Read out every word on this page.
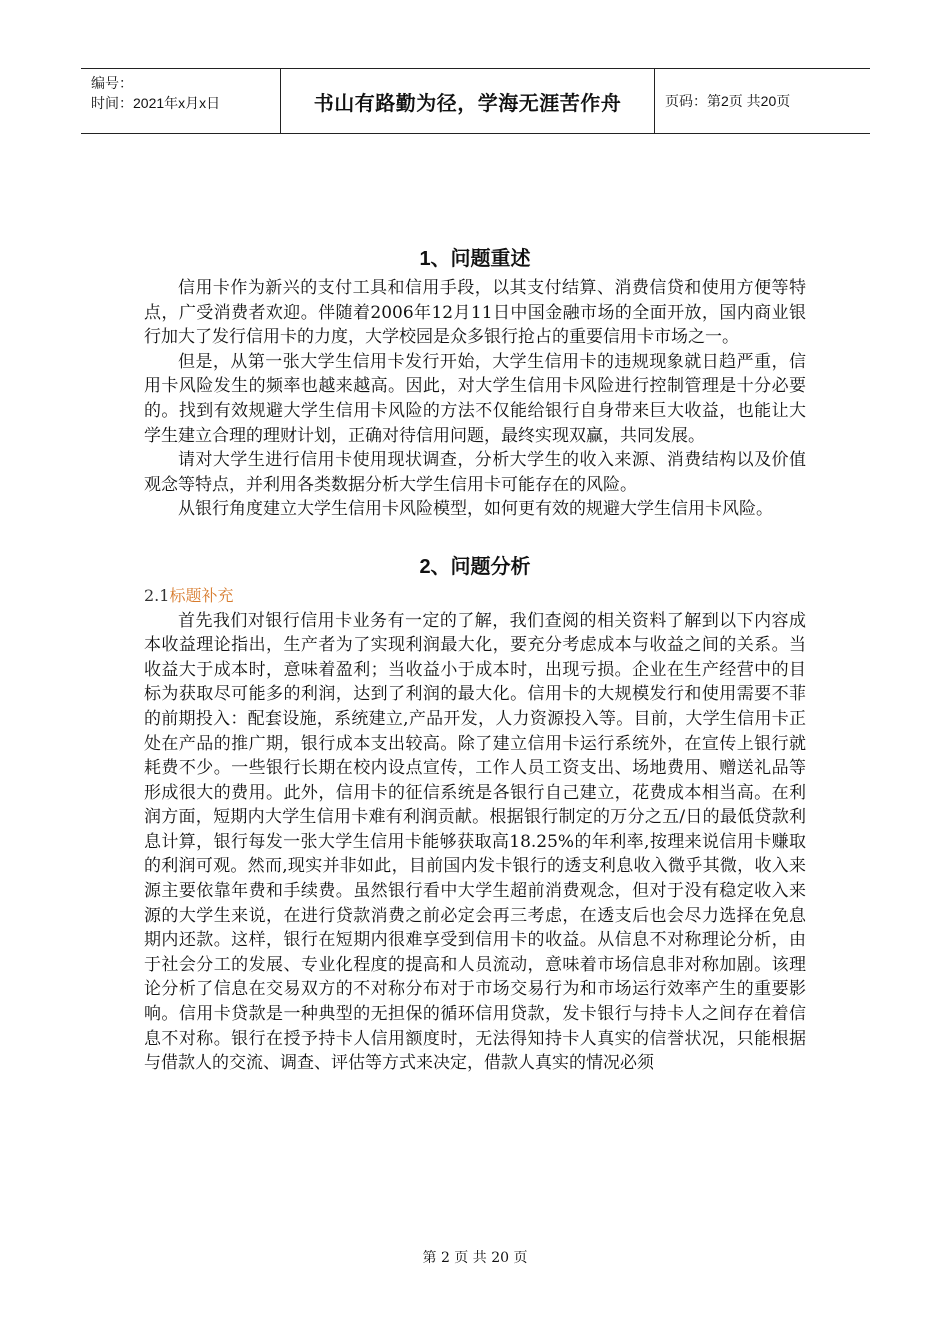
编号：
时间：2021年x月x日	书山有路勤为径，学海无涯苦作舟	页码：第2页 共20页
1、问题重述

信用卡作为新兴的支付工具和信用手段，以其支付结算、消费信贷和使用方便等特点，广受消费者欢迎。伴随着2006年12月11日中国金融市场的全面开放，国内商业银行加大了发行信用卡的力度，大学校园是众多银行抢占的重要信用卡市场之一。

但是，从第一张大学生信用卡发行开始，大学生信用卡的违规现象就日趋严重，信用卡风险发生的频率也越来越高。因此，对大学生信用卡风险进行控制管理是十分必要的。找到有效规避大学生信用卡风险的方法不仅能给银行自身带来巨大收益，也能让大学生建立合理的理财计划，正确对待信用问题，最终实现双赢，共同发展。

请对大学生进行信用卡使用现状调查，分析大学生的收入来源、消费结构以及价值观念等特点，并利用各类数据分析大学生信用卡可能存在的风险。

从银行角度建立大学生信用卡风险模型，如何更有效的规避大学生信用卡风险。

2、问题分析

2.1标题补充

首先我们对银行信用卡业务有一定的了解，我们查阅的相关资料了解到以下内容成本收益理论指出，生产者为了实现利润最大化，要充分考虑成本与收益之间的关系。当收益大于成本时，意味着盈利；当收益小于成本时，出现亏损。企业在生产经营中的目标为获取尽可能多的利润，达到了利润的最大化。信用卡的大规模发行和使用需要不菲的前期投入：配套设施，系统建立,产品开发，人力资源投入等。目前，大学生信用卡正处在产品的推广期，银行成本支出较高。除了建立信用卡运行系统外，在宣传上银行就耗费不少。一些银行长期在校内设点宣传，工作人员工资支出、场地费用、赠送礼品等形成很大的费用。此外，信用卡的征信系统是各银行自己建立，花费成本相当高。在利润方面，短期内大学生信用卡难有利润贡献。根据银行制定的万分之五/日的最低贷款利息计算，银行每发一张大学生信用卡能够获取高18.25%的年利率,按理来说信用卡赚取的利润可观。然而,现实并非如此，目前国内发卡银行的透支利息收入微乎其微，收入来源主要依靠年费和手续费。虽然银行看中大学生超前消费观念，但对于没有稳定收入来源的大学生来说，在进行贷款消费之前必定会再三考虑，在透支后也会尽力选择在免息期内还款。这样，银行在短期内很难享受到信用卡的收益。从信息不对称理论分析，由于社会分工的发展、专业化程度的提高和人员流动，意味着市场信息非对称加剧。该理论分析了信息在交易双方的不对称分布对于市场交易行为和市场运行效率产生的重要影响。信用卡贷款是一种典型的无担保的循环信用贷款，发卡银行与持卡人之间存在着信息不对称。银行在授予持卡人信用额度时，无法得知持卡人真实的信誉状况，只能根据与借款人的交流、调查、评估等方式来决定，借款人真实的情况必须

第 2 页 共 20 页
